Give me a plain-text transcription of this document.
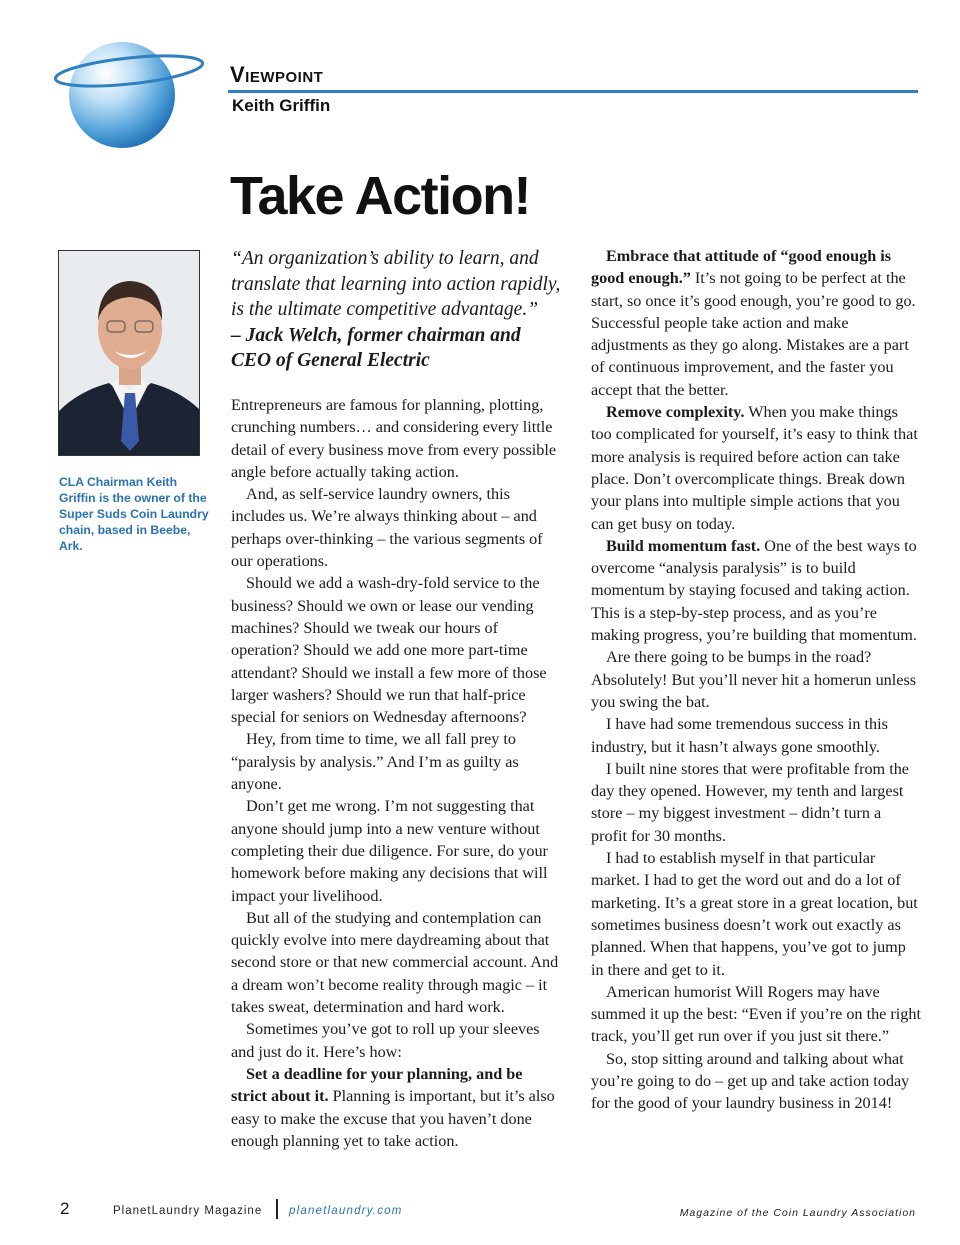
Viewpoint
Keith Griffin
Take Action!
CLA Chairman Keith Griffin is the owner of the Super Suds Coin Laundry chain, based in Beebe, Ark.
“An organization’s ability to learn, and translate that learning into action rapidly, is the ultimate competitive advantage.”
– Jack Welch, former chairman and CEO of General Electric

Entrepreneurs are famous for planning, plotting, crunching numbers… and considering every little detail of every business move from every possible angle before actually taking action.

And, as self-service laundry owners, this includes us. We’re always thinking about – and perhaps over-thinking – the various segments of our operations.

Should we add a wash-dry-fold service to the business? Should we own or lease our vending machines? Should we tweak our hours of operation? Should we add one more part-time attendant? Should we install a few more of those larger washers? Should we run that half-price special for seniors on Wednesday afternoons?

Hey, from time to time, we all fall prey to “paralysis by analysis.” And I’m as guilty as anyone.

Don’t get me wrong. I’m not suggesting that anyone should jump into a new venture without completing their due diligence. For sure, do your homework before making any decisions that will impact your livelihood.

But all of the studying and contemplation can quickly evolve into mere daydreaming about that second store or that new commercial account. And a dream won’t become reality through magic – it takes sweat, determination and hard work.

Sometimes you’ve got to roll up your sleeves and just do it. Here’s how:

Set a deadline for your planning, and be strict about it. Planning is important, but it’s also easy to make the excuse that you haven’t done enough planning yet to take action.

Embrace that attitude of “good enough is good enough.” It’s not going to be perfect at the start, so once it’s good enough, you’re good to go. Successful people take action and make adjustments as they go along. Mistakes are a part of continuous improvement, and the faster you accept that the better.

Remove complexity. When you make things too complicated for yourself, it’s easy to think that more analysis is required before action can take place. Don’t overcomplicate things. Break down your plans into multiple simple actions that you can get busy on today.

Build momentum fast. One of the best ways to overcome “analysis paralysis” is to build momentum by staying focused and taking action. This is a step-by-step process, and as you’re making progress, you’re building that momentum.

Are there going to be bumps in the road? Absolutely! But you’ll never hit a homerun unless you swing the bat.

I have had some tremendous success in this industry, but it hasn’t always gone smoothly.

I built nine stores that were profitable from the day they opened. However, my tenth and largest store – my biggest investment – didn’t turn a profit for 30 months.

I had to establish myself in that particular market. I had to get the word out and do a lot of marketing. It’s a great store in a great location, but sometimes business doesn’t work out exactly as planned. When that happens, you’ve got to jump in there and get to it.

American humorist Will Rogers may have summed it up the best: “Even if you’re on the right track, you’ll get run over if you just sit there.”

So, stop sitting around and talking about what you’re going to do – get up and take action today for the good of your laundry business in 2014!

2	PlanetLaundry Magazine planetlaundry.com	Magazine of the Coin Laundry Association
